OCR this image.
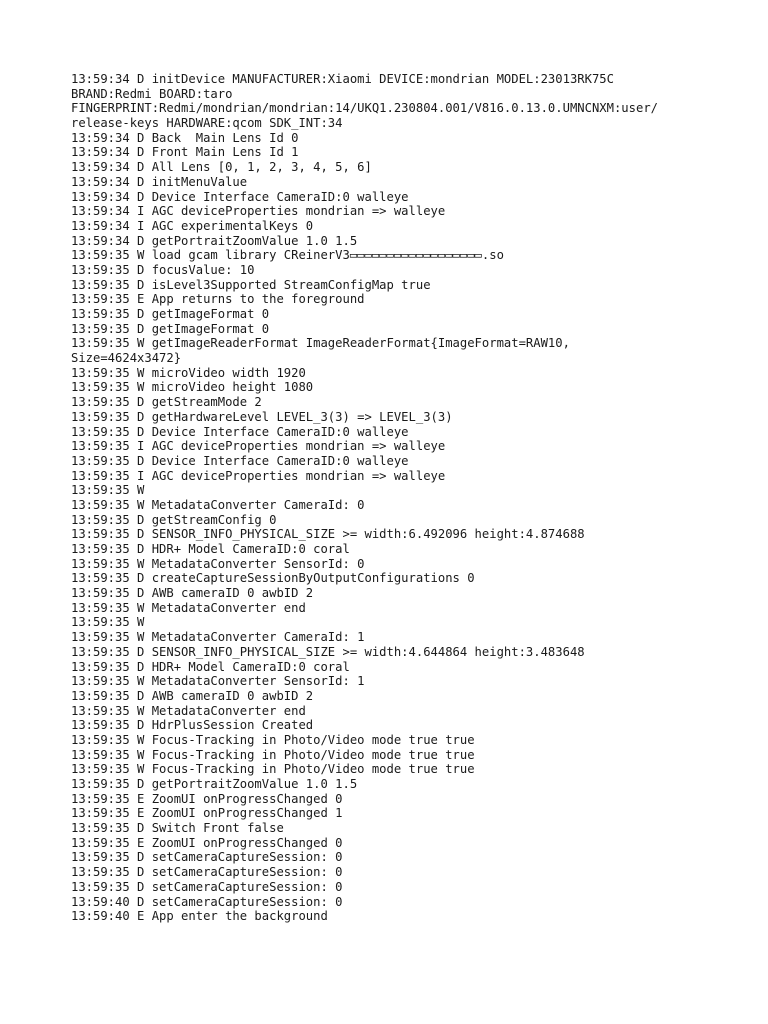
13:59:34 D initDevice MANUFACTURER:Xiaomi DEVICE:mondrian MODEL:23013RK75C
BRAND:Redmi BOARD:taro
FINGERPRINT:Redmi/mondrian/mondrian:14/UKQ1.230804.001/V816.0.13.0.UMNCNXM:user/
release-keys HARDWARE:qcom SDK_INT:34
13:59:34 D Back  Main Lens Id 0
13:59:34 D Front Main Lens Id 1
13:59:34 D All Lens [0, 1, 2, 3, 4, 5, 6]
13:59:34 D initMenuValue
13:59:34 D Device Interface CameraID:0 walleye
13:59:34 I AGC deviceProperties mondrian => walleye
13:59:34 I AGC experimentalKeys 0
13:59:34 D getPortraitZoomValue 1.0 1.5
13:59:35 W load gcam library CReinerV3▭▭▭▭▭▭▭▭▭▭▭▭▭▭▭▭▭▭.so
13:59:35 D focusValue: 10
13:59:35 D isLevel3Supported StreamConfigMap true
13:59:35 E App returns to the foreground
13:59:35 D getImageFormat 0
13:59:35 D getImageFormat 0
13:59:35 W getImageReaderFormat ImageReaderFormat{ImageFormat=RAW10,
Size=4624x3472}
13:59:35 W microVideo width 1920
13:59:35 W microVideo height 1080
13:59:35 D getStreamMode 2
13:59:35 D getHardwareLevel LEVEL_3(3) => LEVEL_3(3)
13:59:35 D Device Interface CameraID:0 walleye
13:59:35 I AGC deviceProperties mondrian => walleye
13:59:35 D Device Interface CameraID:0 walleye
13:59:35 I AGC deviceProperties mondrian => walleye
13:59:35 W
13:59:35 W MetadataConverter CameraId: 0
13:59:35 D getStreamConfig 0
13:59:35 D SENSOR_INFO_PHYSICAL_SIZE >= width:6.492096 height:4.874688
13:59:35 D HDR+ Model CameraID:0 coral
13:59:35 W MetadataConverter SensorId: 0
13:59:35 D createCaptureSessionByOutputConfigurations 0
13:59:35 D AWB cameraID 0 awbID 2
13:59:35 W MetadataConverter end
13:59:35 W
13:59:35 W MetadataConverter CameraId: 1
13:59:35 D SENSOR_INFO_PHYSICAL_SIZE >= width:4.644864 height:3.483648
13:59:35 D HDR+ Model CameraID:0 coral
13:59:35 W MetadataConverter SensorId: 1
13:59:35 D AWB cameraID 0 awbID 2
13:59:35 W MetadataConverter end
13:59:35 D HdrPlusSession Created
13:59:35 W Focus-Tracking in Photo/Video mode true true
13:59:35 W Focus-Tracking in Photo/Video mode true true
13:59:35 W Focus-Tracking in Photo/Video mode true true
13:59:35 D getPortraitZoomValue 1.0 1.5
13:59:35 E ZoomUI onProgressChanged 0
13:59:35 E ZoomUI onProgressChanged 1
13:59:35 D Switch Front false
13:59:35 E ZoomUI onProgressChanged 0
13:59:35 D setCameraCaptureSession: 0
13:59:35 D setCameraCaptureSession: 0
13:59:35 D setCameraCaptureSession: 0
13:59:40 D setCameraCaptureSession: 0
13:59:40 E App enter the background
